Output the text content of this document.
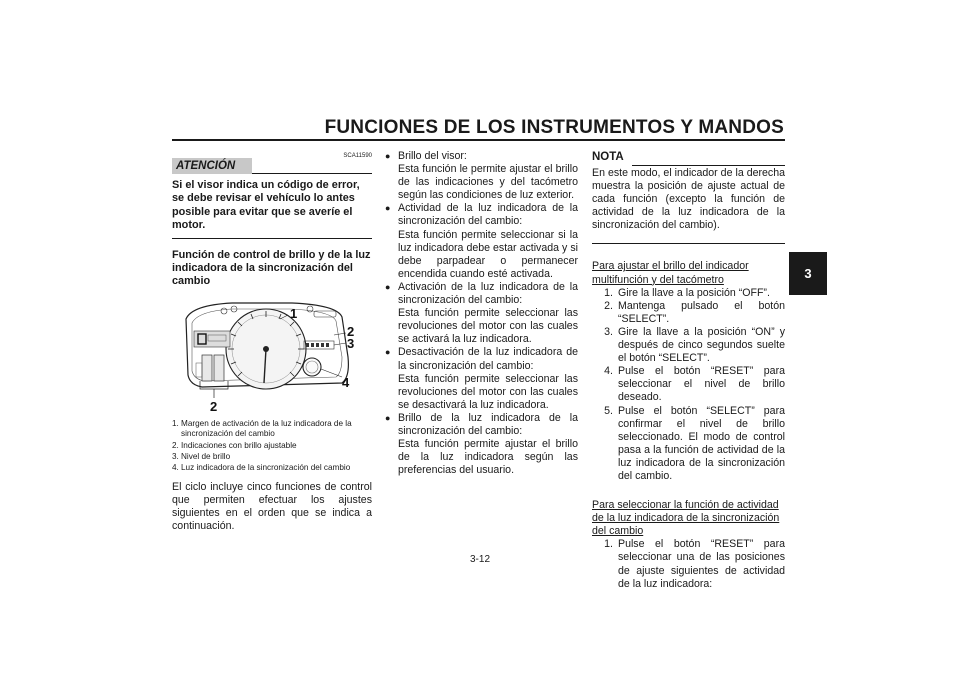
FUNCIONES DE LOS INSTRUMENTOS Y MANDOS
3
ATENCIÓN
SCA11590
Si el visor indica un código de error, se debe revisar el vehículo lo antes posible para evitar que se averíe el motor.
Función de control de brillo y de la luz indicadora de la sincronización del cambio
1
2
3
4
2
1. Margen de activación de la luz indicadora de la sincronización del cambio
2. Indicaciones con brillo ajustable
3. Nivel de brillo
4. Luz indicadora de la sincronización del cambio
El ciclo incluye cinco funciones de control que permiten efectuar los ajustes siguientes en el orden que se indica a continuación.
● Brillo del visor:
Esta función le permite ajustar el brillo de las indicaciones y del tacómetro según las condiciones de luz exterior.
● Actividad de la luz indicadora de la sincronización del cambio:
Esta función permite seleccionar si la luz indicadora debe estar activada y si debe parpadear o permanecer encendida cuando esté activada.
● Activación de la luz indicadora de la sincronización del cambio:
Esta función permite seleccionar las revoluciones del motor con las cuales se activará la luz indicadora.
● Desactivación de la luz indicadora de la sincronización del cambio:
Esta función permite seleccionar las revoluciones del motor con las cuales se desactivará la luz indicadora.
● Brillo de la luz indicadora de la sincronización del cambio:
Esta función permite ajustar el brillo de la luz indicadora según las preferencias del usuario.
NOTA
En este modo, el indicador de la derecha muestra la posición de ajuste actual de cada función (excepto la función de actividad de la luz indicadora de la sincronización del cambio).
Para ajustar el brillo del indicador multifunción y del tacómetro
1. Gire la llave a la posición “OFF”.
2. Mantenga pulsado el botón “SELECT”.
3. Gire la llave a la posición “ON” y después de cinco segundos suelte el botón “SELECT”.
4. Pulse el botón “RESET” para seleccionar el nivel de brillo deseado.
5. Pulse el botón “SELECT” para confirmar el nivel de brillo seleccionado. El modo de control pasa a la función de actividad de la luz indicadora de la sincronización del cambio.
Para seleccionar la función de actividad de la luz indicadora de la sincronización del cambio
1. Pulse el botón “RESET” para seleccionar una de las posiciones de ajuste siguientes de actividad de la luz indicadora:
3-12
